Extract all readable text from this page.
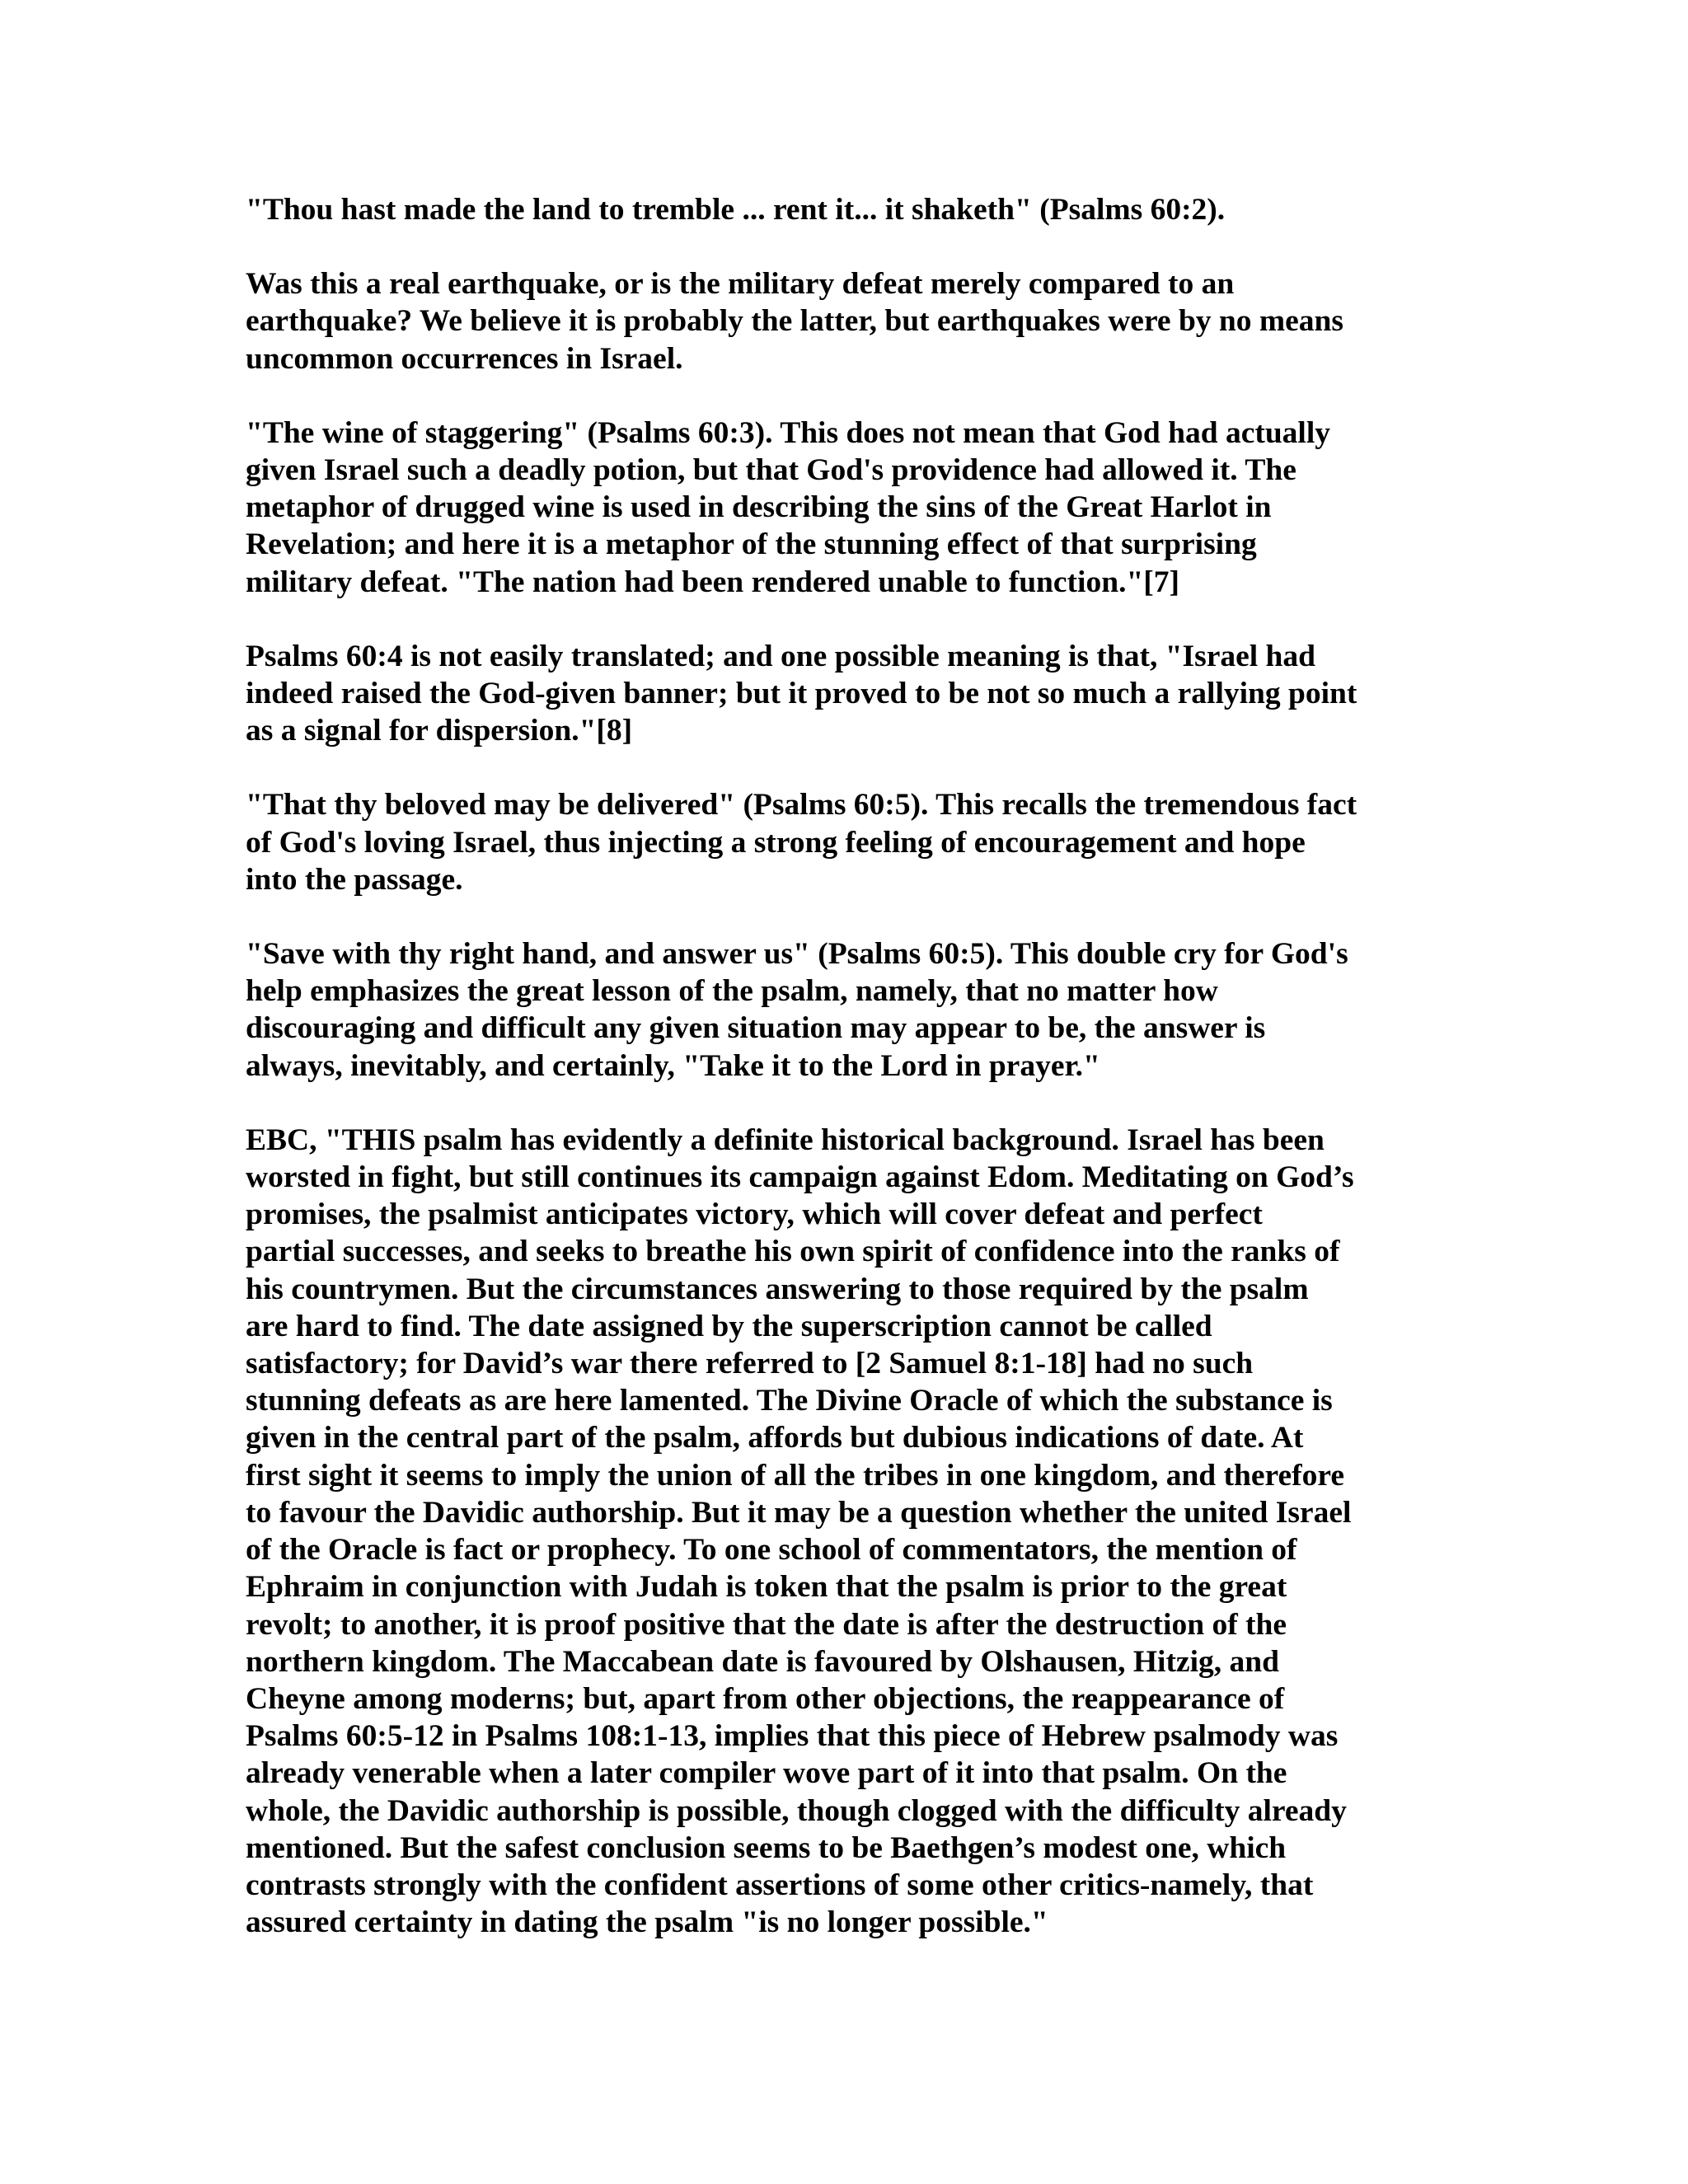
"Thou hast made the land to tremble ... rent it... it shaketh" (Psalms 60:2).

Was this a real earthquake, or is the military defeat merely compared to an
earthquake? We believe it is probably the latter, but earthquakes were by no means
uncommon occurrences in Israel.

"The wine of staggering" (Psalms 60:3). This does not mean that God had actually
given Israel such a deadly potion, but that God's providence had allowed it. The
metaphor of drugged wine is used in describing the sins of the Great Harlot in
Revelation; and here it is a metaphor of the stunning effect of that surprising
military defeat. "The nation had been rendered unable to function."[7]

Psalms 60:4 is not easily translated; and one possible meaning is that, "Israel had
indeed raised the God-given banner; but it proved to be not so much a rallying point
as a signal for dispersion."[8]

"That thy beloved may be delivered" (Psalms 60:5). This recalls the tremendous fact
of God's loving Israel, thus injecting a strong feeling of encouragement and hope
into the passage.

"Save with thy right hand, and answer us" (Psalms 60:5). This double cry for God's
help emphasizes the great lesson of the psalm, namely, that no matter how
discouraging and difficult any given situation may appear to be, the answer is
always, inevitably, and certainly, "Take it to the Lord in prayer."

EBC, "THIS psalm has evidently a definite historical background. Israel has been
worsted in fight, but still continues its campaign against Edom. Meditating on God’s
promises, the psalmist anticipates victory, which will cover defeat and perfect
partial successes, and seeks to breathe his own spirit of confidence into the ranks of
his countrymen. But the circumstances answering to those required by the psalm
are hard to find. The date assigned by the superscription cannot be called
satisfactory; for David’s war there referred to [2 Samuel 8:1-18] had no such
stunning defeats as are here lamented. The Divine Oracle of which the substance is
given in the central part of the psalm, affords but dubious indications of date. At
first sight it seems to imply the union of all the tribes in one kingdom, and therefore
to favour the Davidic authorship. But it may be a question whether the united Israel
of the Oracle is fact or prophecy. To one school of commentators, the mention of
Ephraim in conjunction with Judah is token that the psalm is prior to the great
revolt; to another, it is proof positive that the date is after the destruction of the
northern kingdom. The Maccabean date is favoured by Olshausen, Hitzig, and
Cheyne among moderns; but, apart from other objections, the reappearance of
Psalms 60:5-12 in Psalms 108:1-13, implies that this piece of Hebrew psalmody was
already venerable when a later compiler wove part of it into that psalm. On the
whole, the Davidic authorship is possible, though clogged with the difficulty already
mentioned. But the safest conclusion seems to be Baethgen’s modest one, which
contrasts strongly with the confident assertions of some other critics-namely, that
assured certainty in dating the psalm "is no longer possible."
